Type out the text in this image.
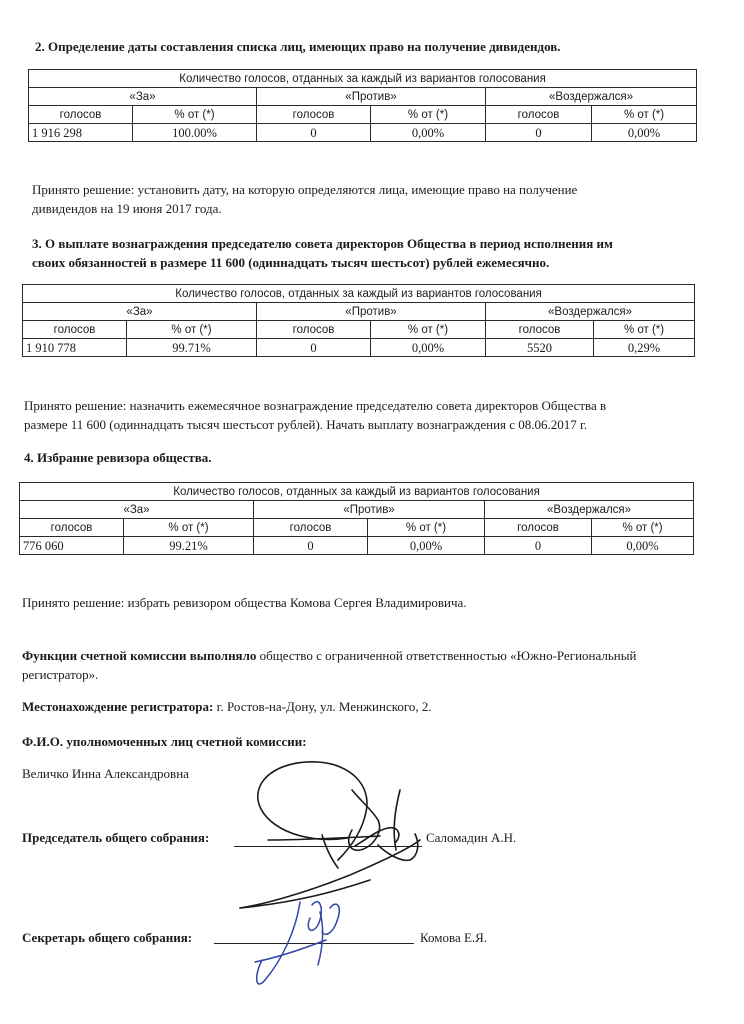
2. Определение даты составления списка лиц, имеющих право на получение дивидендов.
Количество голосов, отданных за каждый из вариантов голосования					
«За»		«Против»		«Воздержался»	
голосов	% от (*)	голосов	% от (*)	голосов	% от (*)
1 916 298	100.00%	0	0,00%	0	0,00%
Принято решение: установить дату, на которую определяются лица, имеющие право на получение
дивидендов на 19 июня 2017 года.
3. О выплате вознаграждения председателю совета директоров Общества в период исполнения им
своих обязанностей в размере 11 600 (одиннадцать тысяч шестьсот) рублей ежемесячно.
Количество голосов, отданных за каждый из вариантов голосования					
«За»		«Против»		«Воздержался»	
голосов	% от (*)	голосов	% от (*)	голосов	% от (*)
1 910 778	99.71%	0	0,00%	5520	0,29%
Принято решение: назначить ежемесячное вознаграждение председателю совета директоров Общества в
размере 11 600 (одиннадцать тысяч шестьсот рублей). Начать выплату вознаграждения с 08.06.2017 г.
4. Избрание ревизора общества.
Количество голосов, отданных за каждый из вариантов голосования					
«За»		«Против»		«Воздержался»	
голосов	% от (*)	голосов	% от (*)	голосов	% от (*)
776 060	99.21%	0	0,00%	0	0,00%
Принято решение: избрать ревизором общества Комова Сергея Владимировича.
Функции счетной комиссии выполняло общество с ограниченной ответственностью «Южно-Региональный
регистратор».
Местонахождение регистратора: г. Ростов-на-Дону, ул. Менжинского, 2.
Ф.И.О. уполномоченных лиц счетной комиссии:
Величко Инна Александровна
Председатель общего собрания:	Саломадин А.Н.
Секретарь общего собрания:	Комова Е.Я.
